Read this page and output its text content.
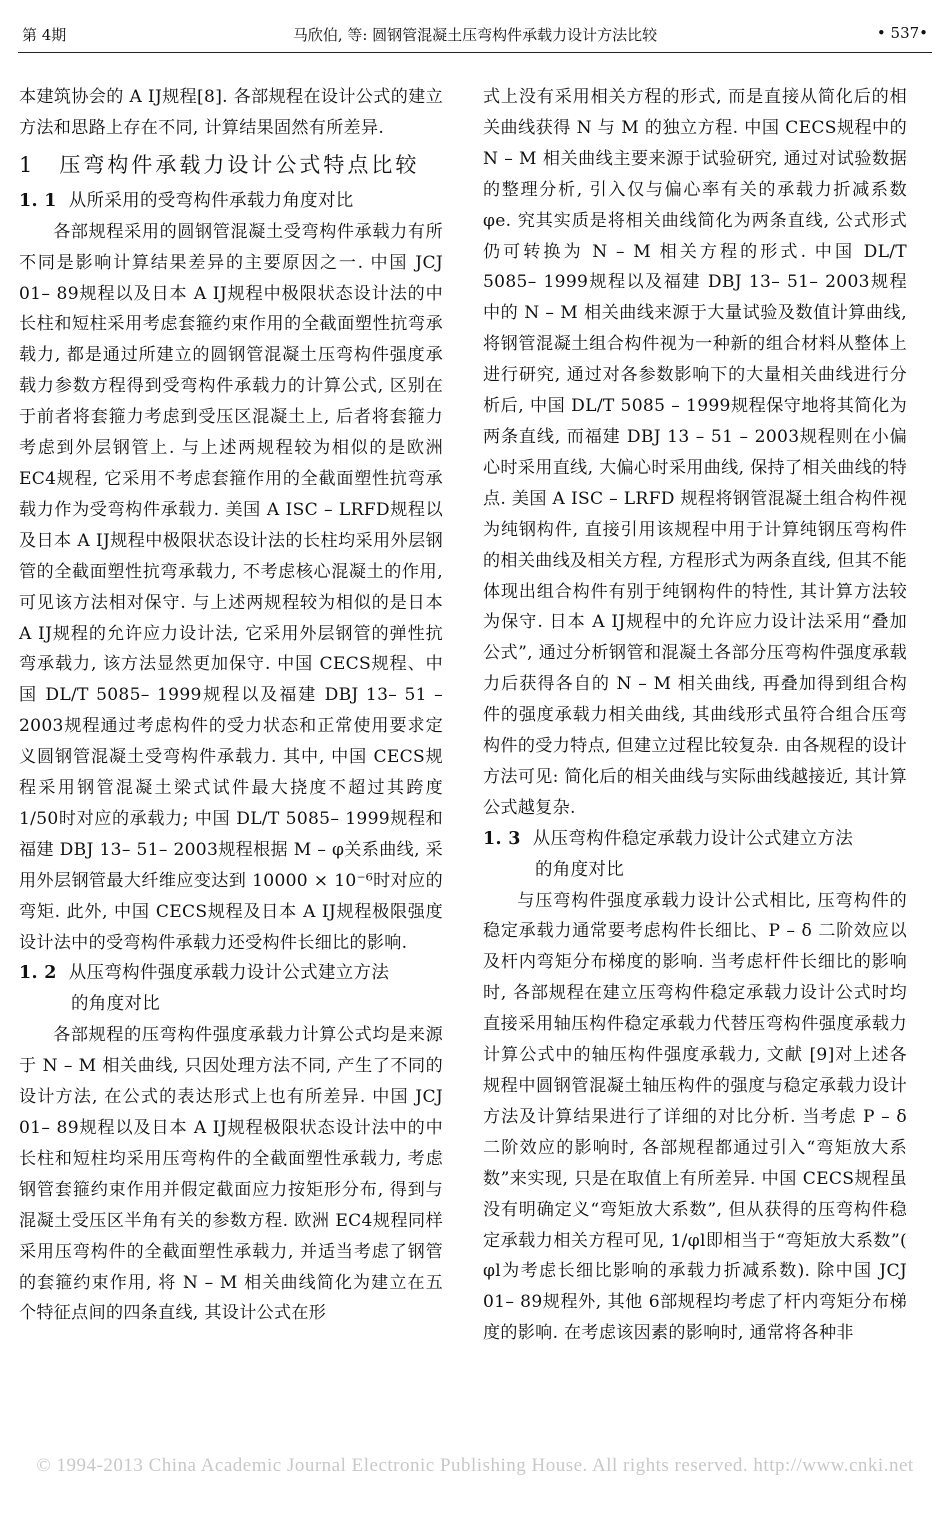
第 4期	马欣伯, 等: 圆钢管混凝土压弯构件承载力设计方法比较	• 537•

本建筑协会的 A IJ规程[8]. 各部规程在设计公式的建立方法和思路上存在不同, 计算结果固然有所差异.

1　压弯构件承载力设计公式特点比较

1. 1 从所采用的受弯构件承载力角度对比

各部规程采用的圆钢管混凝土受弯构件承载力有所不同是影响计算结果差异的主要原因之一. 中国 JCJ 01– 89规程以及日本 A IJ规程中极限状态设计法的中长柱和短柱采用考虑套箍约束作用的全截面塑性抗弯承载力, 都是通过所建立的圆钢管混凝土压弯构件强度承载力参数方程得到受弯构件承载力的计算公式, 区别在于前者将套箍力考虑到受压区混凝土上, 后者将套箍力考虑到外层钢管上. 与上述两规程较为相似的是欧洲 EC4规程, 它采用不考虑套箍作用的全截面塑性抗弯承载力作为受弯构件承载力. 美国 A ISC – LRFD规程以及日本 A IJ规程中极限状态设计法的长柱均采用外层钢管的全截面塑性抗弯承载力, 不考虑核心混凝土的作用, 可见该方法相对保守. 与上述两规程较为相似的是日本 A IJ规程的允许应力设计法, 它采用外层钢管的弹性抗弯承载力, 该方法显然更加保守. 中国 CECS规程、中国 DL/T 5085– 1999规程以及福建 DBJ 13– 51 – 2003规程通过考虑构件的受力状态和正常使用要求定义圆钢管混凝土受弯构件承载力. 其中, 中国 CECS规程采用钢管混凝土梁式试件最大挠度不超过其跨度 1/50时对应的承载力; 中国 DL/T 5085– 1999规程和福建 DBJ 13– 51– 2003规程根据 M – φ关系曲线, 采用外层钢管最大纤维应变达到 10000 × 10⁻⁶时对应的弯矩. 此外, 中国 CECS规程及日本 A IJ规程极限强度设计法中的受弯构件承载力还受构件长细比的影响.

1. 2 从压弯构件强度承载力设计公式建立方法

的角度对比

各部规程的压弯构件强度承载力计算公式均是来源于 N – M 相关曲线, 只因处理方法不同, 产生了不同的设计方法, 在公式的表达形式上也有所差异. 中国 JCJ 01– 89规程以及日本 A IJ规程极限状态设计法中的中长柱和短柱均采用压弯构件的全截面塑性承载力, 考虑钢管套箍约束作用并假定截面应力按矩形分布, 得到与混凝土受压区半角有关的参数方程. 欧洲 EC4规程同样采用压弯构件的全截面塑性承载力, 并适当考虑了钢管的套箍约束作用, 将 N – M 相关曲线简化为建立在五个特征点间的四条直线, 其设计公式在形

式上没有采用相关方程的形式, 而是直接从简化后的相关曲线获得 N 与 M 的独立方程. 中国 CECS规程中的 N – M 相关曲线主要来源于试验研究, 通过对试验数据的整理分析, 引入仅与偏心率有关的承载力折减系数 φe. 究其实质是将相关曲线简化为两条直线, 公式形式仍可转换为 N – M 相关方程的形式. 中国 DL/T 5085– 1999规程以及福建 DBJ 13– 51– 2003规程中的 N – M 相关曲线来源于大量试验及数值计算曲线, 将钢管混凝土组合构件视为一种新的组合材料从整体上进行研究, 通过对各参数影响下的大量相关曲线进行分析后, 中国 DL/T 5085 – 1999规程保守地将其简化为两条直线, 而福建 DBJ 13 – 51 – 2003规程则在小偏心时采用直线, 大偏心时采用曲线, 保持了相关曲线的特点. 美国 A ISC – LRFD 规程将钢管混凝土组合构件视为纯钢构件, 直接引用该规程中用于计算纯钢压弯构件的相关曲线及相关方程, 方程形式为两条直线, 但其不能体现出组合构件有别于纯钢构件的特性, 其计算方法较为保守. 日本 A IJ规程中的允许应力设计法采用“叠加公式”, 通过分析钢管和混凝土各部分压弯构件强度承载力后获得各自的 N – M 相关曲线, 再叠加得到组合构件的强度承载力相关曲线, 其曲线形式虽符合组合压弯构件的受力特点, 但建立过程比较复杂. 由各规程的设计方法可见: 简化后的相关曲线与实际曲线越接近, 其计算公式越复杂.

1. 3 从压弯构件稳定承载力设计公式建立方法

的角度对比

与压弯构件强度承载力设计公式相比, 压弯构件的稳定承载力通常要考虑构件长细比、P – δ 二阶效应以及杆内弯矩分布梯度的影响. 当考虑杆件长细比的影响时, 各部规程在建立压弯构件稳定承载力设计公式时均直接采用轴压构件稳定承载力代替压弯构件强度承载力计算公式中的轴压构件强度承载力, 文献 [9]对上述各规程中圆钢管混凝土轴压构件的强度与稳定承载力设计方法及计算结果进行了详细的对比分析. 当考虑 P – δ二阶效应的影响时, 各部规程都通过引入“弯矩放大系数”来实现, 只是在取值上有所差异. 中国 CECS规程虽没有明确定义“弯矩放大系数”, 但从获得的压弯构件稳定承载力相关方程可见, 1/φl即相当于“弯矩放大系数”( φl为考虑长细比影响的承载力折减系数). 除中国 JCJ 01– 89规程外, 其他 6部规程均考虑了杆内弯矩分布梯度的影响. 在考虑该因素的影响时, 通常将各种非

© 1994-2013 China Academic Journal Electronic Publishing House. All rights reserved. http://www.cnki.net
